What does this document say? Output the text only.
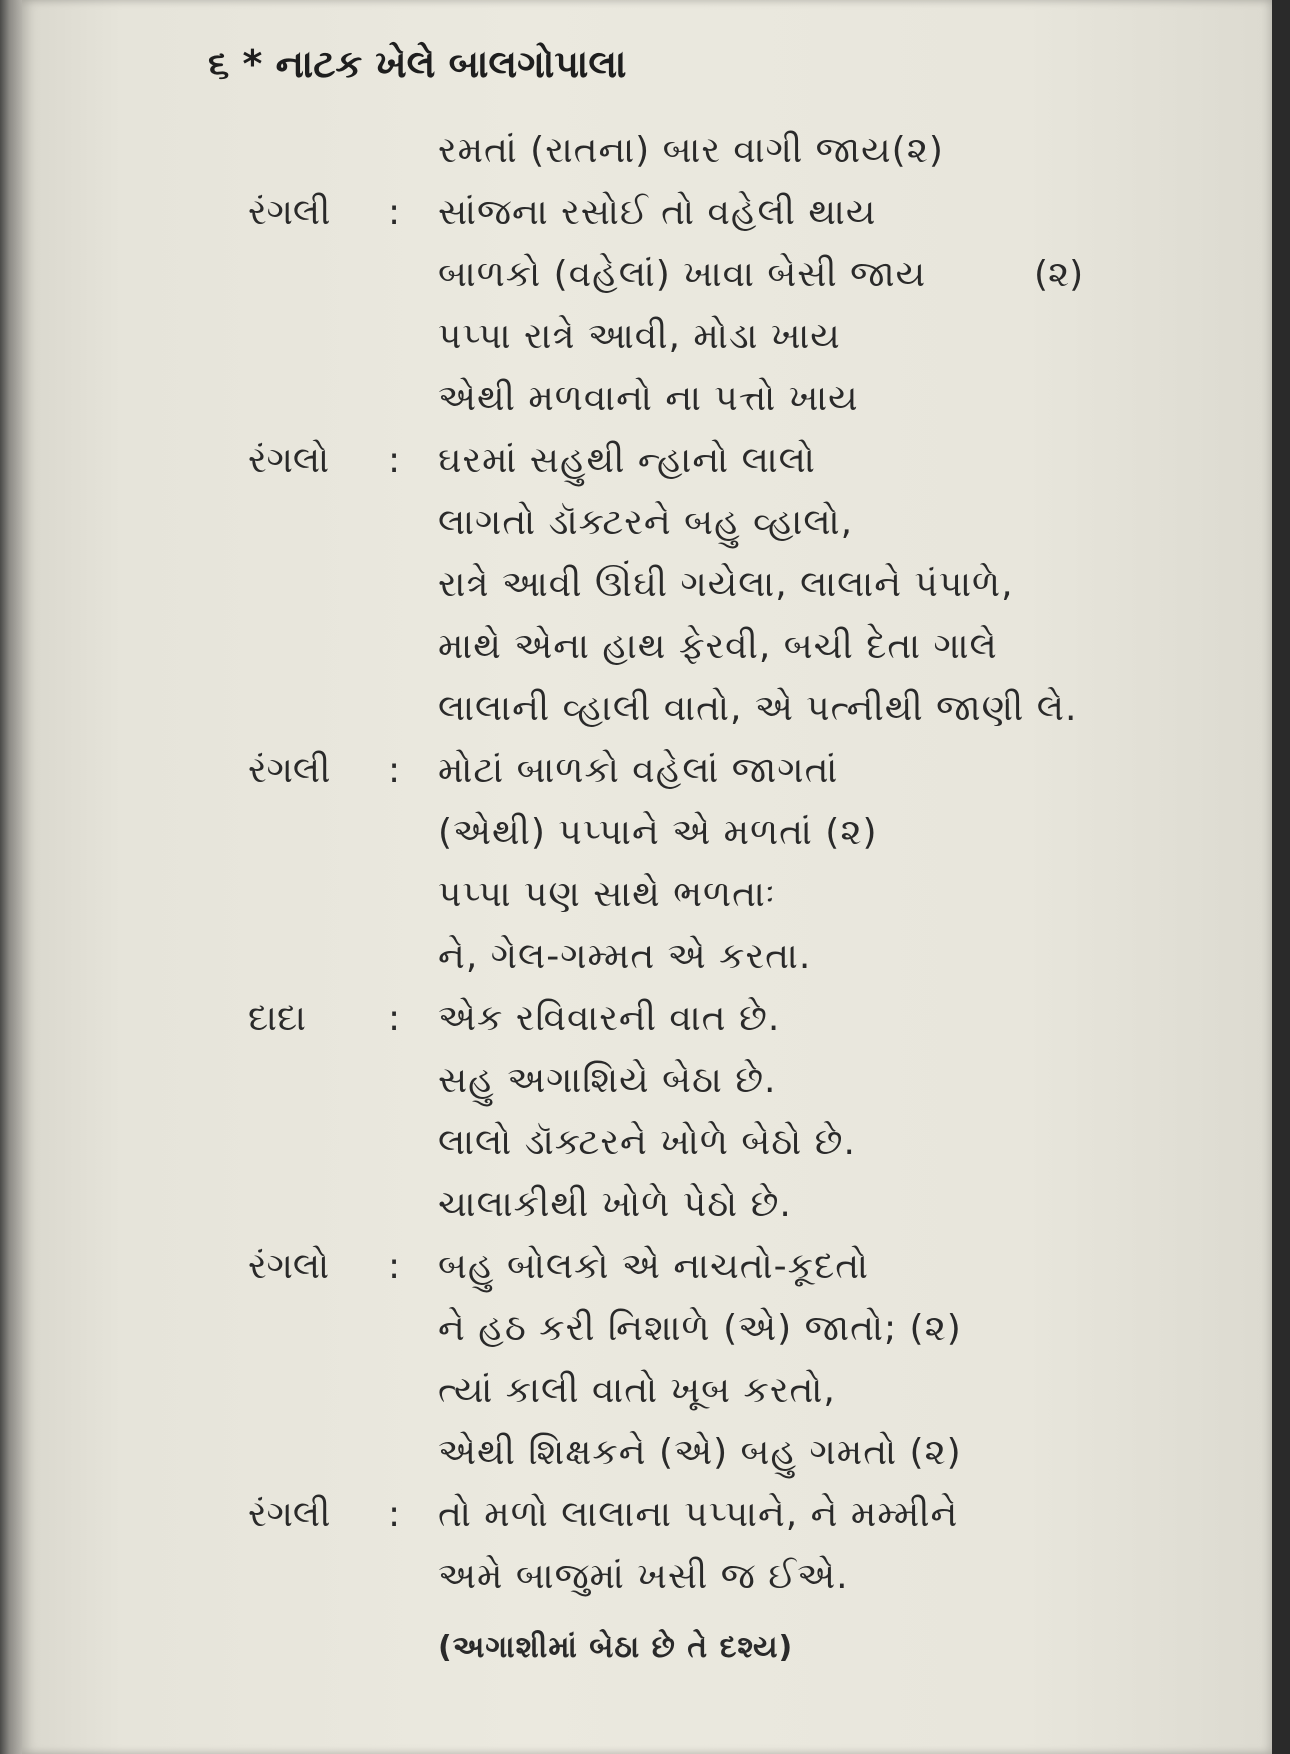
૬ * નાટક ખેલે બાલગોપાલા
રમતાં (રાતના) બાર વાગી જાય(૨)
રંગલી : સાંજના રસોઈ તો વહેલી થાય
બાળકો (વહેલાં) ખાવા બેસી જાય	(૨)
પપ્પા રાત્રે આવી, મોડા ખાય
એથી મળવાનો ના પત્તો ખાય
રંગલો : ઘરમાં સહુથી ન્હાનો લાલો
લાગતો ડૉક્ટરને બહુ વ્હાલો,
રાત્રે આવી ઊંઘી ગયેલા, લાલાને પંપાળે,
માથે એના હાથ ફેરવી, બચી દેતા ગાલે
લાલાની વ્હાલી વાતો, એ પત્નીથી જાણી લે.
રંગલી : મોટાં બાળકો વહેલાં જાગતાં
(એથી) પપ્પાને એ મળતાં (૨)
પપ્પા પણ સાથે ભળતાઃ
ને, ગેલ-ગમ્મત એ કરતા.
દાદા : એક રવિવારની વાત છે.
સહુ અગાશિયે બેઠા છે.
લાલો ડૉક્ટરને ખોળે બેઠો છે.
ચાલાકીથી ખોળે પેઠો છે.
રંગલો : બહુ બોલકો એ નાચતો-કૂદતો
ને હઠ કરી નિશાળે (એ) જાતો; (૨)
ત્યાં કાલી વાતો ખૂબ કરતો,
એથી શિક્ષકને (એ) બહુ ગમતો (૨)
રંગલી : તો મળો લાલાના પપ્પાને, ને મમ્મીને
અમે બાજુમાં ખસી જ ઈએ.
(અગાશીમાં બેઠા છે તે દશ્ય)
